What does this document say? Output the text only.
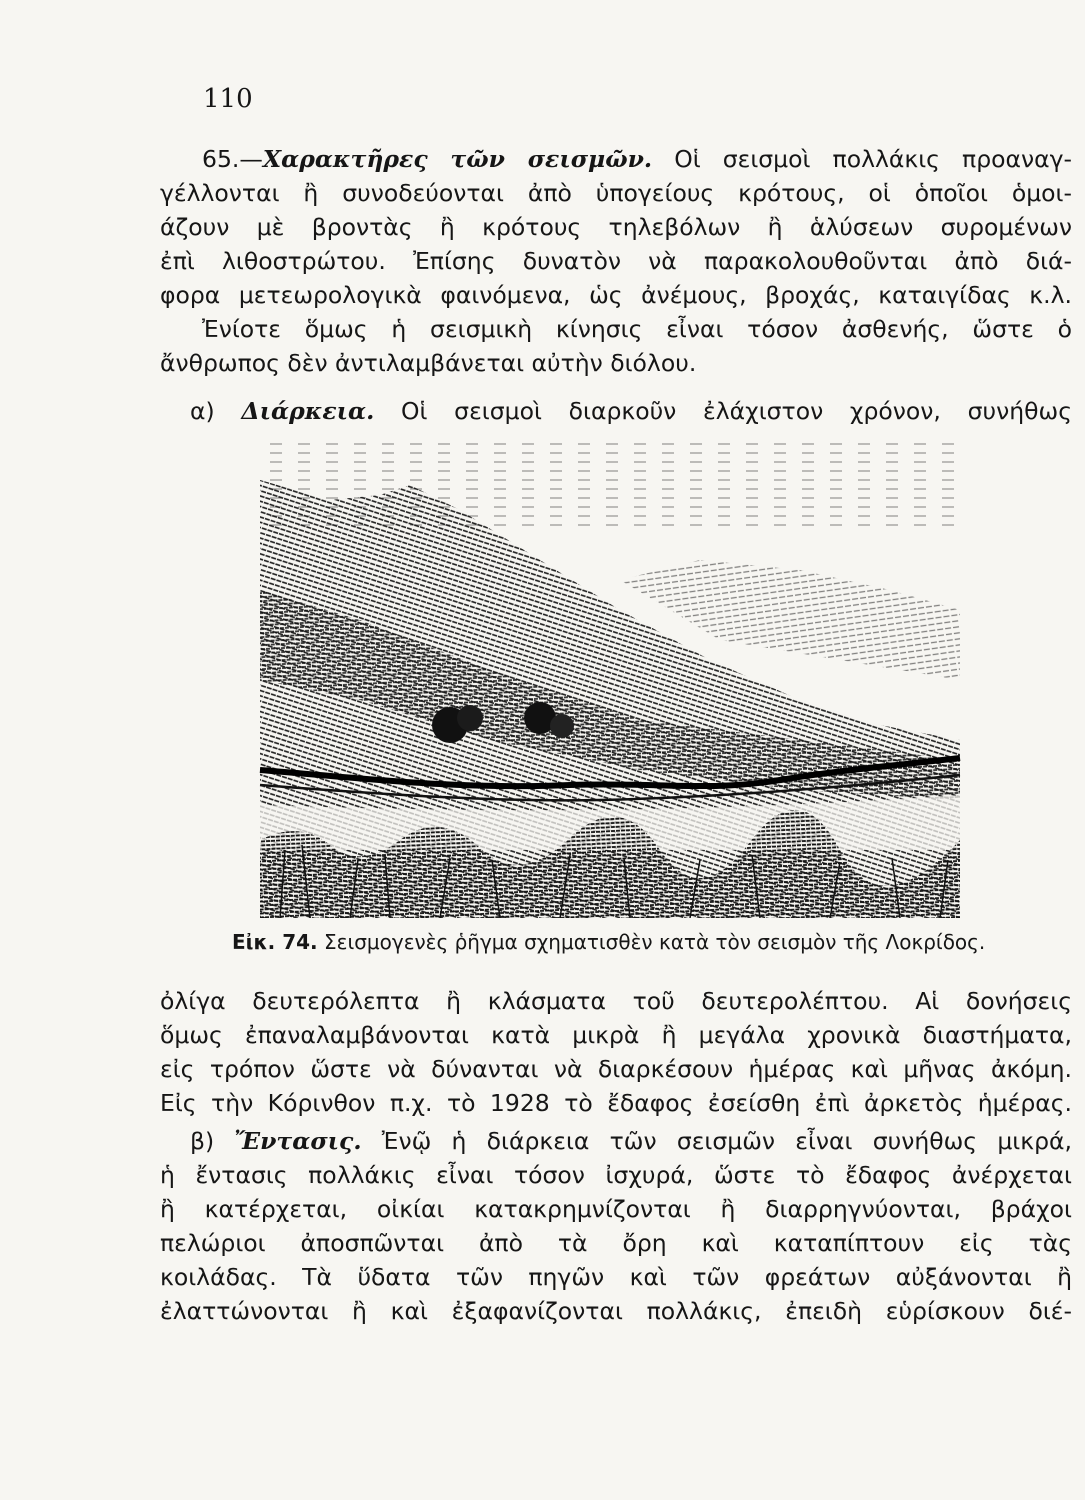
110
65.—Χαρακτῆρες τῶν σεισμῶν. Οἱ σεισμοὶ πολλάκις προαναγ-
γέλλονται ἢ συνοδεύονται ἀπὸ ὑπογείους κρότους, οἱ ὁποῖοι ὁμοι-
άζουν μὲ βροντὰς ἢ κρότους τηλεβόλων ἢ ἁλύσεων συρομένων
ἐπὶ λιθοστρώτου. Ἐπίσης δυνατὸν νὰ παρακολουθοῦνται ἀπὸ διά-
φορα μετεωρολογικὰ φαινόμενα, ὡς ἀνέμους, βροχάς, καταιγίδας κ.λ.
Ἐνίοτε ὅμως ἡ σεισμικὴ κίνησις εἶναι τόσον ἀσθενής, ὥστε ὁ
ἄνθρωπος δὲν ἀντιλαμβάνεται αὐτὴν διόλου.
α) Διάρκεια. Οἱ σεισμοὶ διαρκοῦν ἐλάχιστον χρόνον, συνήθως
Εἰκ. 74. Σεισμογενὲς ῥῆγμα σχηματισθὲν κατὰ τὸν σεισμὸν τῆς Λοκρίδος.
ὀλίγα δευτερόλεπτα ἢ κλάσματα τοῦ δευτερολέπτου. Αἱ δονήσεις
ὅμως ἐπαναλαμβάνονται κατὰ μικρὰ ἢ μεγάλα χρονικὰ διαστήματα,
εἰς τρόπον ὥστε νὰ δύνανται νὰ διαρκέσουν ἡμέρας καὶ μῆνας ἀκόμη.
Εἰς τὴν Κόρινθον π.χ. τὸ 1928 τὸ ἔδαφος ἐσείσθη ἐπὶ ἀρκετὸς ἡμέρας.
β) Ἔντασις. Ἐνῷ ἡ διάρκεια τῶν σεισμῶν εἶναι συνήθως μικρά,
ἡ ἔντασις πολλάκις εἶναι τόσον ἰσχυρά, ὥστε τὸ ἔδαφος ἀνέρχεται
ἢ κατέρχεται, οἰκίαι κατακρημνίζονται ἢ διαρρηγνύονται, βράχοι
πελώριοι ἀποσπῶνται ἀπὸ τὰ ὄρη καὶ καταπίπτουν εἰς τὰς
κοιλάδας. Τὰ ὕδατα τῶν πηγῶν καὶ τῶν φρεάτων αὐξάνονται ἢ
ἐλαττώνονται ἢ καὶ ἐξαφανίζονται πολλάκις, ἐπειδὴ εὑρίσκουν διέ-
